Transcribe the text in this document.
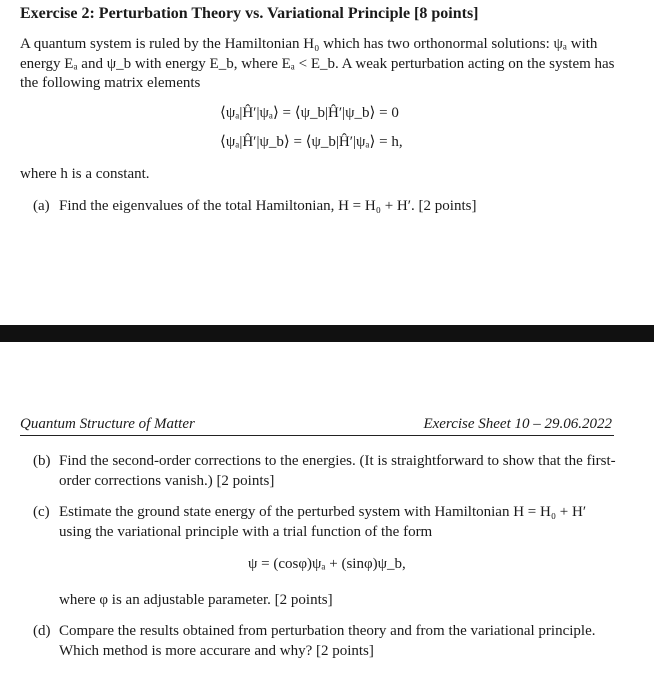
Exercise 2: Perturbation Theory vs. Variational Principle [8 points]
A quantum system is ruled by the Hamiltonian H₀ which has two orthonormal solutions: ψₐ with energy Eₐ and ψ_b with energy E_b, where Eₐ < E_b. A weak perturbation acting on the system has the following matrix elements
⟨ψₐ|Ĥ′|ψₐ⟩ = ⟨ψ_b|Ĥ′|ψ_b⟩ = 0
⟨ψₐ|Ĥ′|ψ_b⟩ = ⟨ψ_b|Ĥ′|ψₐ⟩ = h,
where h is a constant.
(a) Find the eigenvalues of the total Hamiltonian, H = H₀ + H′. [2 points]
Quantum Structure of Matter	Exercise Sheet 10 – 29.06.2022
(b) Find the second-order corrections to the energies. (It is straightforward to show that the first-order corrections vanish.) [2 points]
(c) Estimate the ground state energy of the perturbed system with Hamiltonian H = H₀ + H′ using the variational principle with a trial function of the form
ψ = (cosφ)ψₐ + (sinφ)ψ_b,
where φ is an adjustable parameter. [2 points]
(d) Compare the results obtained from perturbation theory and from the variational principle. Which method is more accurare and why? [2 points]
